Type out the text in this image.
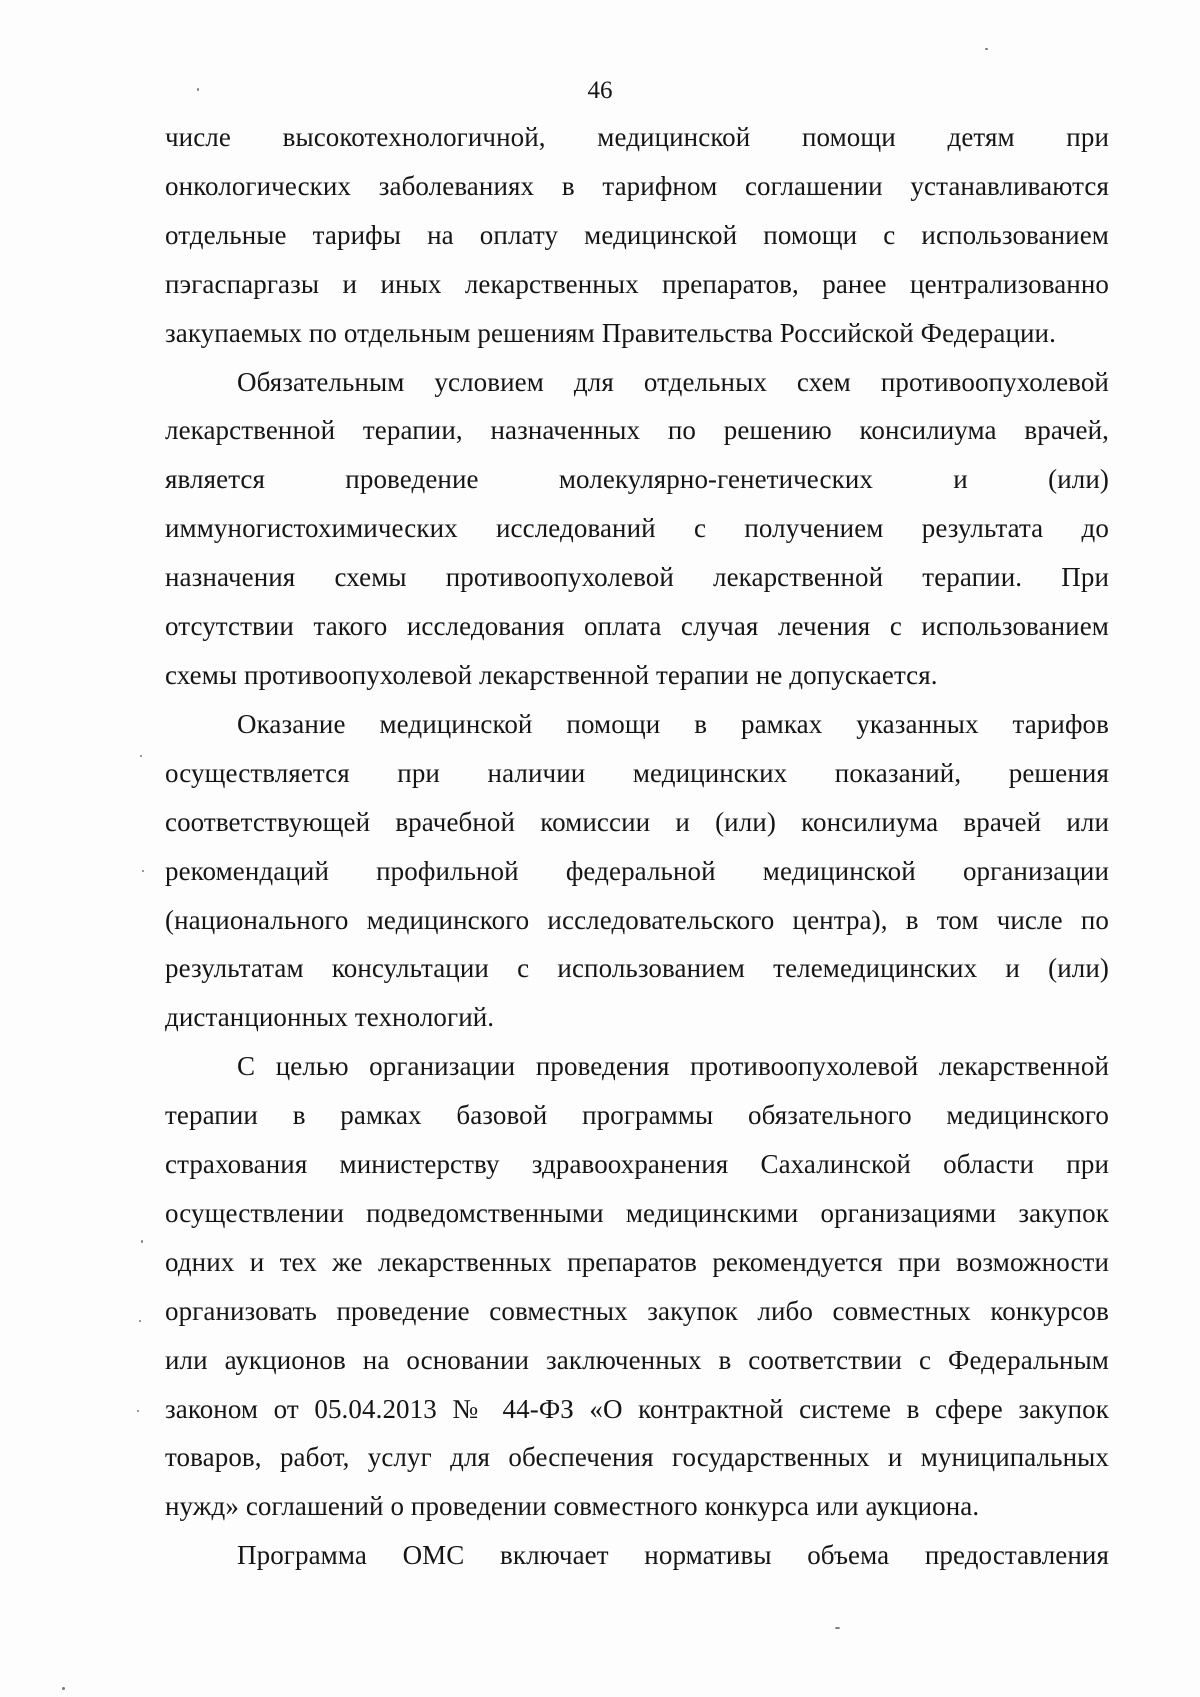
46

числе высокотехнологичной, медицинской помощи детям при
онкологических заболеваниях в тарифном соглашении устанавливаются
отдельные тарифы на оплату медицинской помощи с использованием
пэгаспаргазы и иных лекарственных препаратов, ранее централизованно
закупаемых по отдельным решениям Правительства Российской Федерации.

Обязательным условием для отдельных схем противоопухолевой
лекарственной терапии, назначенных по решению консилиума врачей,
является проведение молекулярно-генетических и (или)
иммуногистохимических исследований с получением результата до
назначения схемы противоопухолевой лекарственной терапии. При
отсутствии такого исследования оплата случая лечения с использованием
схемы противоопухолевой лекарственной терапии не допускается.

Оказание медицинской помощи в рамках указанных тарифов
осуществляется при наличии медицинских показаний, решения
соответствующей врачебной комиссии и (или) консилиума врачей или
рекомендаций профильной федеральной медицинской организации
(национального медицинского исследовательского центра), в том числе по
результатам консультации с использованием телемедицинских и (или)
дистанционных технологий.

С целью организации проведения противоопухолевой лекарственной
терапии в рамках базовой программы обязательного медицинского
страхования министерству здравоохранения Сахалинской области при
осуществлении подведомственными медицинскими организациями закупок
одних и тех же лекарственных препаратов рекомендуется при возможности
организовать проведение совместных закупок либо совместных конкурсов
или аукционов на основании заключенных в соответствии с Федеральным
законом от 05.04.2013 № 44-ФЗ «О контрактной системе в сфере закупок
товаров, работ, услуг для обеспечения государственных и муниципальных
нужд» соглашений о проведении совместного конкурса или аукциона.

Программа ОМС включает нормативы объема предоставления
